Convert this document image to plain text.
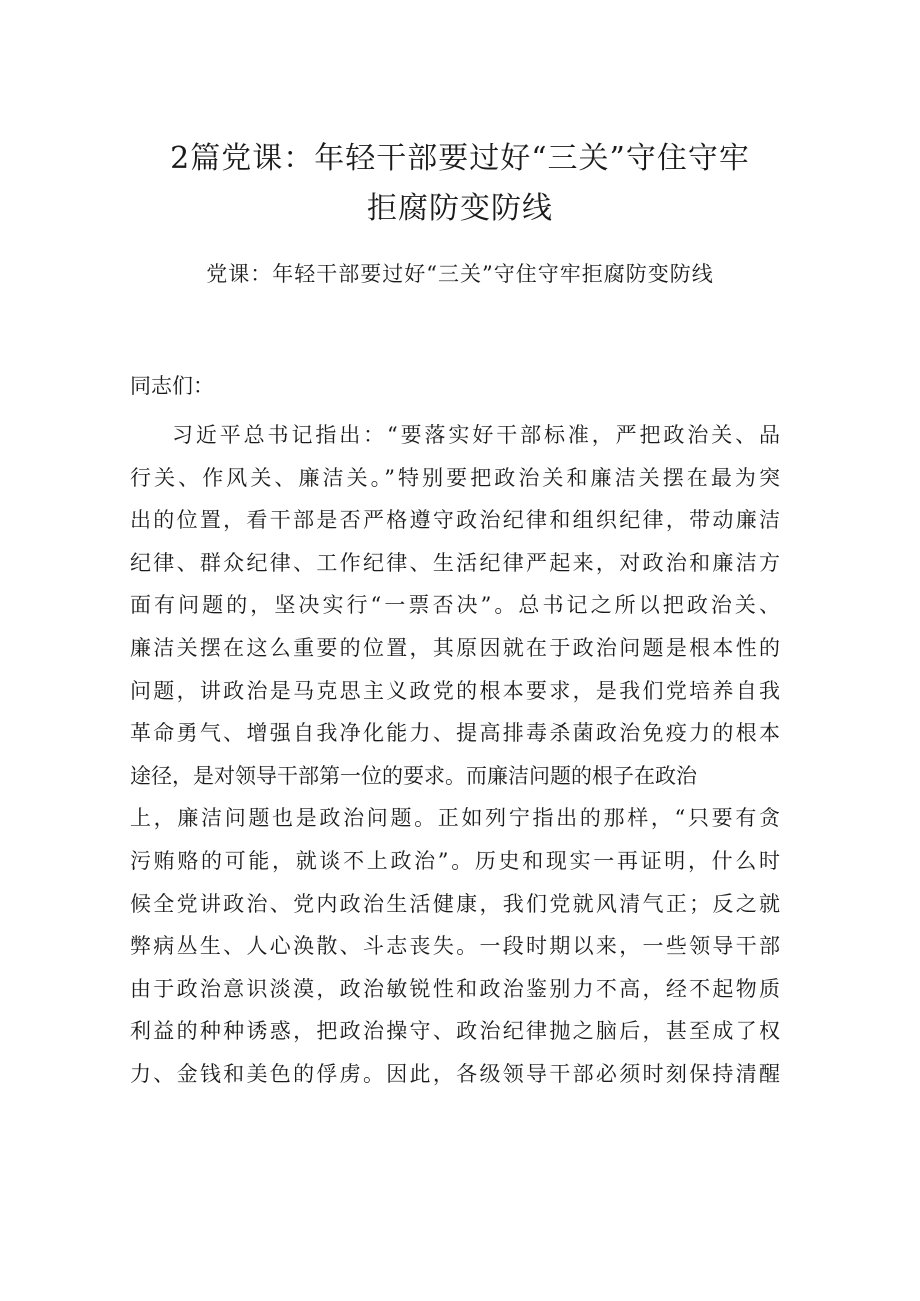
2篇党课：年轻干部要过好“三关”守住守牢
拒腐防变防线

党课：年轻干部要过好“三关”守住守牢拒腐防变防线

同志们：

习近平总书记指出：“要落实好干部标准，严把政治关、品
行关、作风关、廉洁关。”特别要把政治关和廉洁关摆在最为突
出的位置，看干部是否严格遵守政治纪律和组织纪律，带动廉洁
纪律、群众纪律、工作纪律、生活纪律严起来，对政治和廉洁方
面有问题的，坚决实行“一票否决”。总书记之所以把政治关、
廉洁关摆在这么重要的位置，其原因就在于政治问题是根本性的
问题，讲政治是马克思主义政党的根本要求，是我们党培养自我
革命勇气、增强自我净化能力、提高排毒杀菌政治免疫力的根本
途径，是对领导干部第一位的要求。而廉洁问题的根子在政治
上，廉洁问题也是政治问题。正如列宁指出的那样，“只要有贪
污贿赂的可能，就谈不上政治”。历史和现实一再证明，什么时
候全党讲政治、党内政治生活健康，我们党就风清气正；反之就
弊病丛生、人心涣散、斗志丧失。一段时期以来，一些领导干部
由于政治意识淡漠，政治敏锐性和政治鉴别力不高，经不起物质
利益的种种诱惑，把政治操守、政治纪律抛之脑后，甚至成了权
力、金钱和美色的俘虏。因此，各级领导干部必须时刻保持清醒
